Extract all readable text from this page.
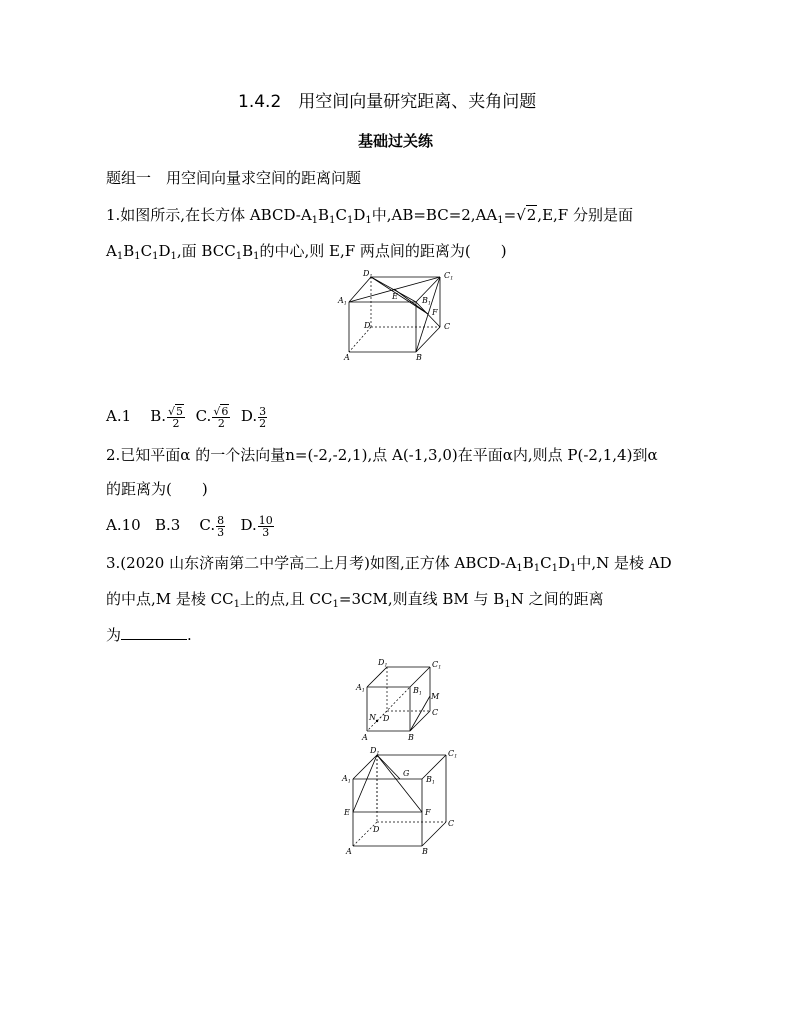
1.4.2　用空间向量研究距离、夹角问题
基础过关练
题组一　用空间向量求空间的距离问题
1.如图所示,在长方体 ABCD-$A_1B_1C_1D_1$中$,AB=BC=2,AA_1=√2,E,F$ 分别是面
$A_1B_1C_1D_1$,面 $BCC_1B_1$的中心,则 E,F 两点间的距离为(　　)
D1	C1
A1
E	B1
F
D	C
A	B
A.1 B. $\frac{√5}{2} C$. $\frac{√6}{2} D$. $\frac{3}{2}$
2.已知平面α 的一个法向量n=(-2,-2,1),点 A(-1,3,0)在平面α内,则点 P(-2,1,4)到α
的距离为(　　)
A.10 B.3 C. $\frac{8}{3} D$. $\frac{10}{3}$
3.(2020 山东济南第二中学高二上月考)如图,正方体 ABCD-$A_1B_1C_1D_1$中,N 是棱 AD
的中点,M 是棱 $CC_1$上的点,且 $CC_1=3CM$,则直线 BM 与 $B_1N$ 之间的距离
为	.
D1	C1
A1	B1 M
N D
C
A	B
D1	C1
A1
G
B1
E	F
D
C
A	B
